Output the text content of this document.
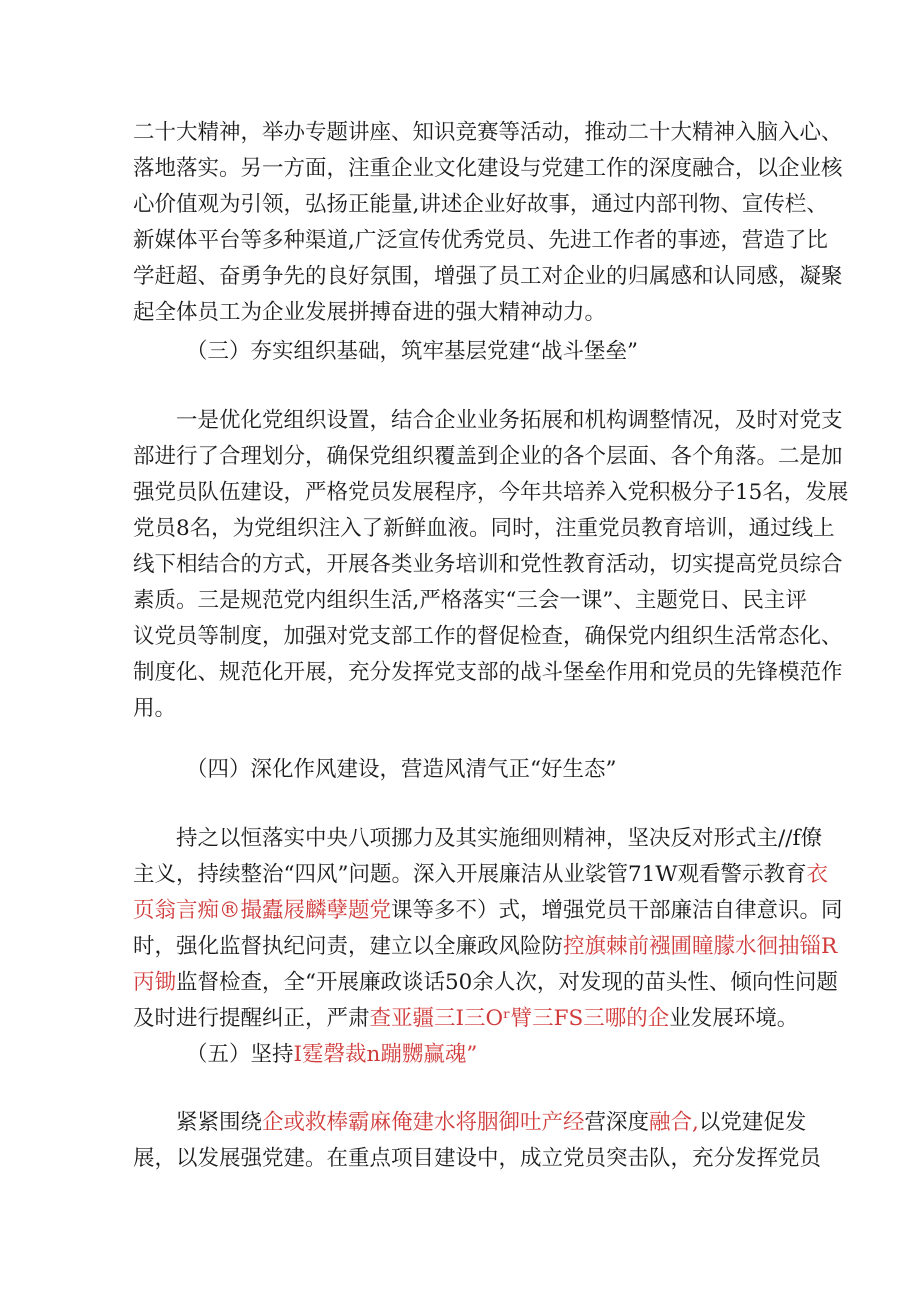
二十大精神，举办专题讲座、知识竞赛等活动，推动二十大精神入脑入心、
落地落实。另一方面，注重企业文化建设与党建工作的深度融合，以企业核
心价值观为引领，弘扬正能量,讲述企业好故事，通过内部刊物、宣传栏、
新媒体平台等多种渠道,广泛宣传优秀党员、先进工作者的事迹，营造了比
学赶超、奋勇争先的良好氛围，增强了员工对企业的归属感和认同感，凝聚
起全体员工为企业发展拼搏奋进的强大精神动力。
（三）夯实组织基础，筑牢基层党建“战斗堡垒”
一是优化党组织设置，结合企业业务拓展和机构调整情况，及时对党支
部进行了合理划分，确保党组织覆盖到企业的各个层面、各个角落。二是加
强党员队伍建设，严格党员发展程序，今年共培养入党积极分子15名，发展
党员8名，为党组织注入了新鲜血液。同时，注重党员教育培训，通过线上
线下相结合的方式，开展各类业务培训和党性教育活动，切实提高党员综合
素质。三是规范党内组织生活,严格落实“三会一课”、主题党日、民主评
议党员等制度，加强对党支部工作的督促检查，确保党内组织生活常态化、
制度化、规范化开展，充分发挥党支部的战斗堡垒作用和党员的先锋模范作
用。
（四）深化作风建设，营造风清气正“好生态”
持之以恒落实中央八项挪力及其实施细则精神，坚决反对形式主//f僚
主义，持续整治“四风”问题。深入开展廉洁从业裟管71W观看警示教育衣
页翁言痴®撮蠹屐麟孽题党课等多不）式，增强党员干部廉洁自律意识。同
时，强化监督执纪问责，建立以全廉政风险防控旗棘前襁圃瞳朦水徊抽锱R
丙锄监督检查，全“开展廉政谈话50余人次，对发现的苗头性、倾向性问题
及时进行提醒纠正，严肃查亚疆三I三Oʳ臂三FS三哪的企业发展环境。
（五）坚持I霆磬裁n蹦嬲赢魂”
紧紧围绕企或救棒霸麻俺建水将胭御吐产经营深度融合,以党建促发
展，以发展强党建。在重点项目建设中，成立党员突击队，充分发挥党员
